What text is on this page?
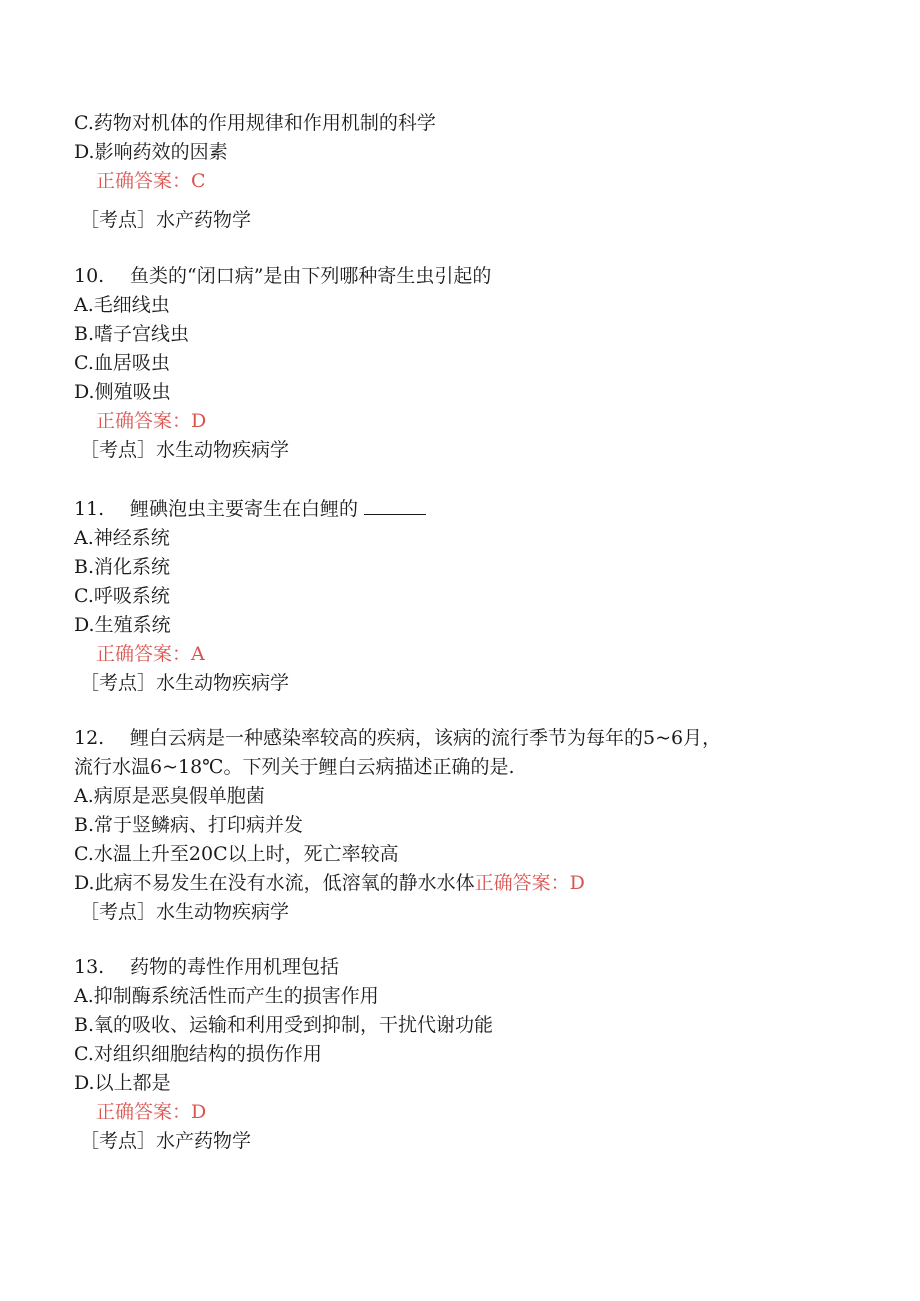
C.药物对机体的作用规律和作用机制的科学
D.影响药效的因素
正确答案：C
［考点］水产药物学
10. 鱼类的“闭口病”是由下列哪种寄生虫引起的
A.毛细线虫
B.嗜子宫线虫
C.血居吸虫
D.侧殖吸虫
正确答案：D
［考点］水生动物疾病学
11. 鲤碘泡虫主要寄生在白鲤的
A.神经系统
B.消化系统
C.呼吸系统
D.生殖系统
正确答案：A
［考点］水生动物疾病学
12. 鲤白云病是一种感染率较高的疾病，该病的流行季节为每年的5~6月，
流行水温6~18℃。下列关于鲤白云病描述正确的是.
A.病原是恶臭假单胞菌
B.常于竖鳞病、打印病并发
C.水温上升至20C以上时，死亡率较高
D.此病不易发生在没有水流，低溶氧的静水水体正确答案：D
［考点］水生动物疾病学
13. 药物的毒性作用机理包括
A.抑制酶系统活性而产生的损害作用
B.氧的吸收、运输和利用受到抑制，干扰代谢功能
C.对组织细胞结构的损伤作用
D.以上都是
正确答案：D
［考点］水产药物学
